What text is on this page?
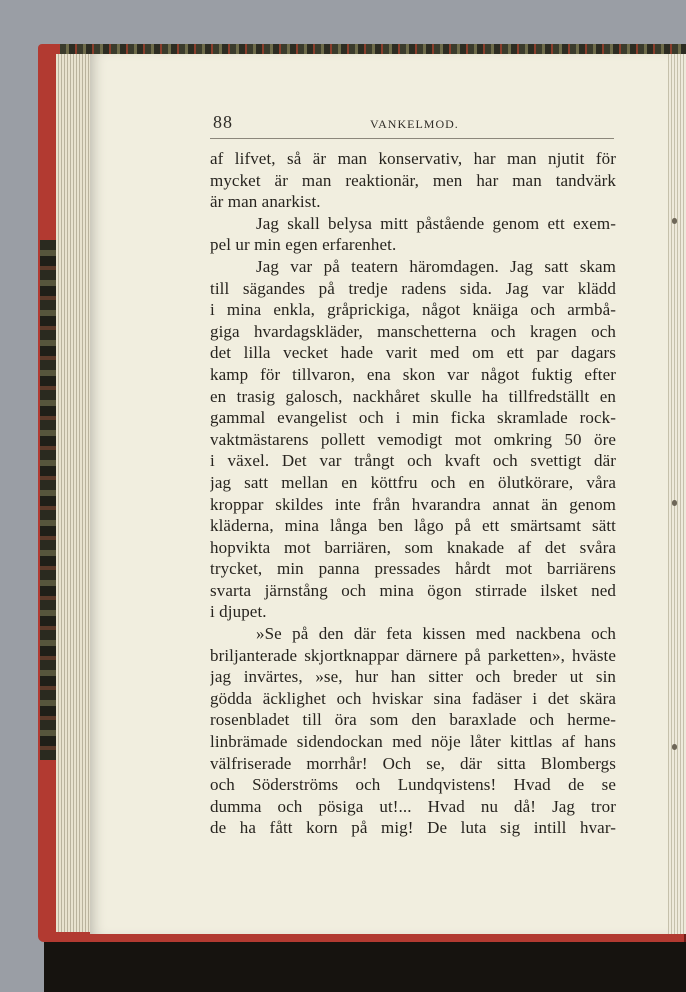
88	VANKELMOD.
af lifvet, så är man konservativ, har man njutit för
mycket är man reaktionär, men har man tandvärk
är man anarkist.
Jag skall belysa mitt påstående genom ett exem-
pel ur min egen erfarenhet.
Jag var på teatern häromdagen. Jag satt skam
till sägandes på tredje radens sida. Jag var klädd
i mina enkla, gråprickiga, något knäiga och armbå-
giga hvardagskläder, manschetterna och kragen och
det lilla vecket hade varit med om ett par dagars
kamp för tillvaron, ena skon var något fuktig efter
en trasig galosch, nackhåret skulle ha tillfredställt en
gammal evangelist och i min ficka skramlade rock-
vaktmästarens pollett vemodigt mot omkring 50 öre
i växel. Det var trångt och kvaft och svettigt där
jag satt mellan en köttfru och en ölutkörare, våra
kroppar skildes inte från hvarandra annat än genom
kläderna, mina långa ben lågo på ett smärtsamt sätt
hopvikta mot barriären, som knakade af det svåra
trycket, min panna pressades hårdt mot barriärens
svarta järnstång och mina ögon stirrade ilsket ned
i djupet.
»Se på den där feta kissen med nackbena och
briljanterade skjortknappar därnere på parketten», hväste
jag invärtes, »se, hur han sitter och breder ut sin
gödda äcklighet och hviskar sina fadäser i det skära
rosenbladet till öra som den baraxlade och herme-
linbrämade sidendockan med nöje låter kittlas af hans
välfriserade morrhår! Och se, där sitta Blombergs
och Söderströms och Lundqvistens! Hvad de se
dumma och pösiga ut!... Hvad nu då! Jag tror
de ha fått korn på mig! De luta sig intill hvar-
